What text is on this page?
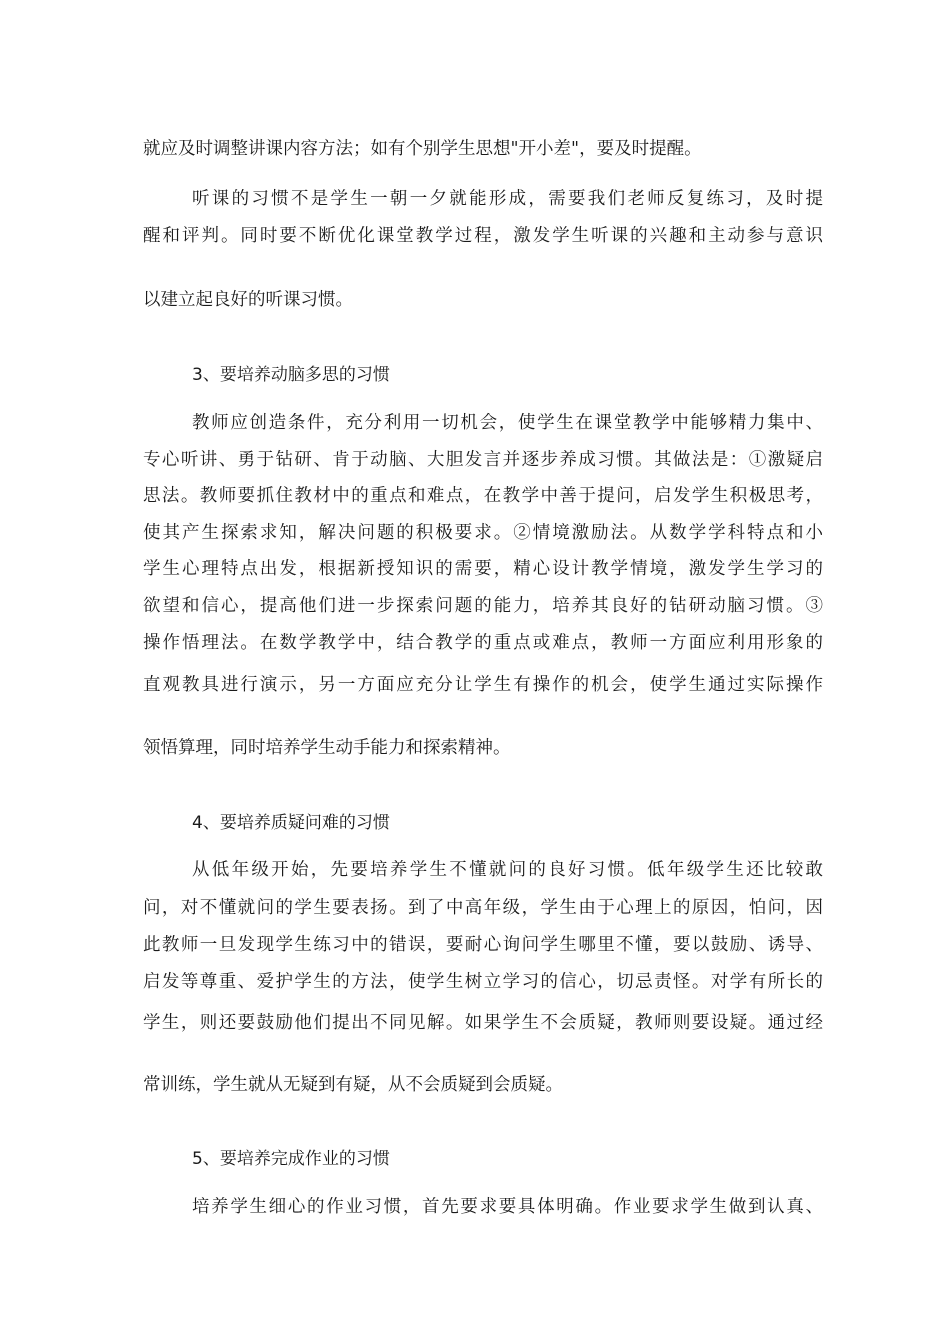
就应及时调整讲课内容方法；如有个别学生思想"开小差"，要及时提醒。
听课的习惯不是学生一朝一夕就能形成，需要我们老师反复练习，及时提
醒和评判。同时要不断优化课堂教学过程，激发学生听课的兴趣和主动参与意识
以建立起良好的听课习惯。
3、要培养动脑多思的习惯
教师应创造条件，充分利用一切机会，使学生在课堂教学中能够精力集中、
专心听讲、勇于钻研、肯于动脑、大胆发言并逐步养成习惯。其做法是：①激疑启
思法。教师要抓住教材中的重点和难点，在教学中善于提问，启发学生积极思考，
使其产生探索求知，解决问题的积极要求。②情境激励法。从数学学科特点和小
学生心理特点出发，根据新授知识的需要，精心设计教学情境，激发学生学习的
欲望和信心，提高他们进一步探索问题的能力，培养其良好的钻研动脑习惯。③
操作悟理法。在数学教学中，结合教学的重点或难点，教师一方面应利用形象的
直观教具进行演示，另一方面应充分让学生有操作的机会，使学生通过实际操作
领悟算理，同时培养学生动手能力和探索精神。
4、要培养质疑问难的习惯
从低年级开始，先要培养学生不懂就问的良好习惯。低年级学生还比较敢
问，对不懂就问的学生要表扬。到了中高年级，学生由于心理上的原因，怕问，因
此教师一旦发现学生练习中的错误，要耐心询问学生哪里不懂，要以鼓励、诱导、
启发等尊重、爱护学生的方法，使学生树立学习的信心，切忌责怪。对学有所长的
学生，则还要鼓励他们提出不同见解。如果学生不会质疑，教师则要设疑。通过经
常训练，学生就从无疑到有疑，从不会质疑到会质疑。
5、要培养完成作业的习惯
培养学生细心的作业习惯，首先要求要具体明确。作业要求学生做到认真、
